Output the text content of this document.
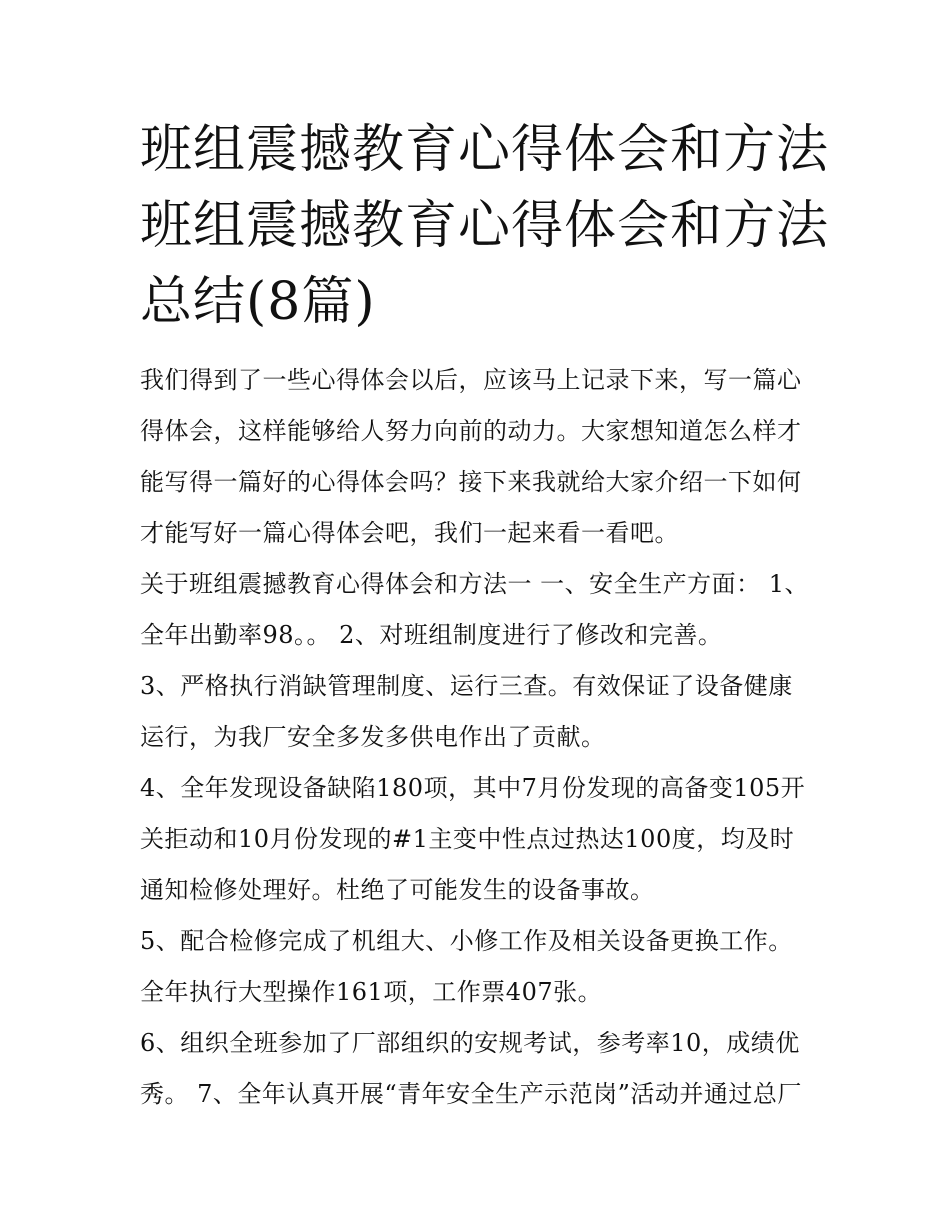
班组震撼教育心得体会和方法
班组震撼教育心得体会和方法
总结(8篇)

我们得到了一些心得体会以后，应该马上记录下来，写一篇心
得体会，这样能够给人努力向前的动力。大家想知道怎么样才
能写得一篇好的心得体会吗？接下来我就给大家介绍一下如何
才能写好一篇心得体会吧，我们一起来看一看吧。

关于班组震撼教育心得体会和方法一 一、安全生产方面： 1、
全年出勤率98。。 2、对班组制度进行了修改和完善。

3、严格执行消缺管理制度、运行三查。有效保证了设备健康
运行，为我厂安全多发多供电作出了贡献。

4、全年发现设备缺陷180项，其中7月份发现的高备变105开
关拒动和10月份发现的#1主变中性点过热达100度，均及时
通知检修处理好。杜绝了可能发生的设备事故。

5、配合检修完成了机组大、小修工作及相关设备更换工作。
全年执行大型操作161项，工作票407张。

6、组织全班参加了厂部组织的安规考试，参考率10，成绩优
秀。 7、全年认真开展“青年安全生产示范岗”活动并通过总厂
